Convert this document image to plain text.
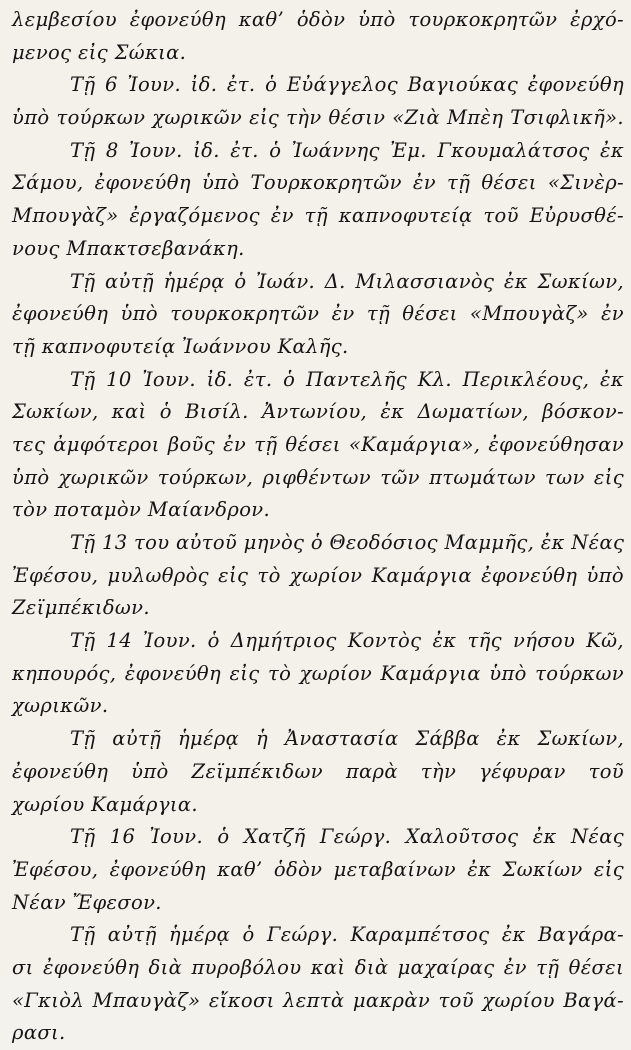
λεμβεσίου ἐφονεύθη καθ’ ὁδὸν ὑπὸ τουρκοκρητῶν ἐρχό-
μενος εἰς Σώκια.
Τῇ 6 Ἰουν. ἰδ. ἐτ. ὁ Εὐάγγελος Βαγιούκας ἐφονεύθη
ὑπὸ τούρκων χωρικῶν εἰς τὴν θέσιν «Ζιὰ Μπὲη Τσιφλικῆ».
Τῇ 8 Ἰουν. ἰδ. ἐτ. ὁ Ἰωάννης Ἐμ. Γκουμαλάτσος ἐκ
Σάμου, ἐφονεύθη ὑπὸ Τουρκοκρητῶν ἐν τῇ θέσει «Σινὲρ-
Μπουγὰζ» ἐργαζόμενος ἐν τῇ καπνοφυτείᾳ τοῦ Εὐρυσθέ-
νους Μπακτσεβανάκη.
Τῇ αὐτῇ ἡμέρᾳ ὁ Ἰωάν. Δ. Μιλασσιανὸς ἐκ Σωκίων,
ἐφονεύθη ὑπὸ τουρκοκρητῶν ἐν τῇ θέσει «Μπουγὰζ» ἐν
τῇ καπνοφυτείᾳ Ἰωάννου Καλῆς.
Τῇ 10 Ἰουν. ἰδ. ἐτ. ὁ Παντελῆς Κλ. Περικλέους, ἐκ
Σωκίων, καὶ ὁ Βισίλ. Ἀντωνίου, ἐκ Δωματίων, βόσκον-
τες ἀμφότεροι βοῦς ἐν τῇ θέσει «Καμάργια», ἐφονεύθησαν
ὑπὸ χωρικῶν τούρκων, ριφθέντων τῶν πτωμάτων των εἰς
τὸν ποταμὸν Μαίανδρον.
Τῇ 13 του αὐτοῦ μηνὸς ὁ Θεοδόσιος Μαμμῆς, ἐκ Νέας
Ἐφέσου, μυλωθρὸς εἰς τὸ χωρίον Καμάργια ἐφονεύθη ὑπὸ
Ζεϊμπέκιδων.
Τῇ 14 Ἰουν. ὁ Δημήτριος Κοντὸς ἐκ τῆς νήσου Κῶ,
κηπουρός, ἐφονεύθη εἰς τὸ χωρίον Καμάργια ὑπὸ τούρκων
χωρικῶν.
Τῇ αὐτῇ ἡμέρᾳ ἡ Ἀναστασία Σάββα ἐκ Σωκίων,
ἐφονεύθη ὑπὸ Ζεϊμπέκιδων παρὰ τὴν γέφυραν τοῦ
χωρίου Καμάργια.
Τῇ 16 Ἰουν. ὁ Χατζῆ Γεώργ. Χαλοῦτσος ἐκ Νέας
Ἐφέσου, ἐφονεύθη καθ’ ὁδὸν μεταβαίνων ἐκ Σωκίων εἰς
Νέαν Ἔφεσον.
Τῇ αὐτῇ ἡμέρᾳ ὁ Γεώργ. Καραμπέτσος ἐκ Βαγάρα-
σι ἐφονεύθη διὰ πυροβόλου καὶ διὰ μαχαίρας ἐν τῇ θέσει
«Γκιὸλ Μπαυγὰζ» εἴκοσι λεπτὰ μακρὰν τοῦ χωρίου Βαγά-
ρασι.
